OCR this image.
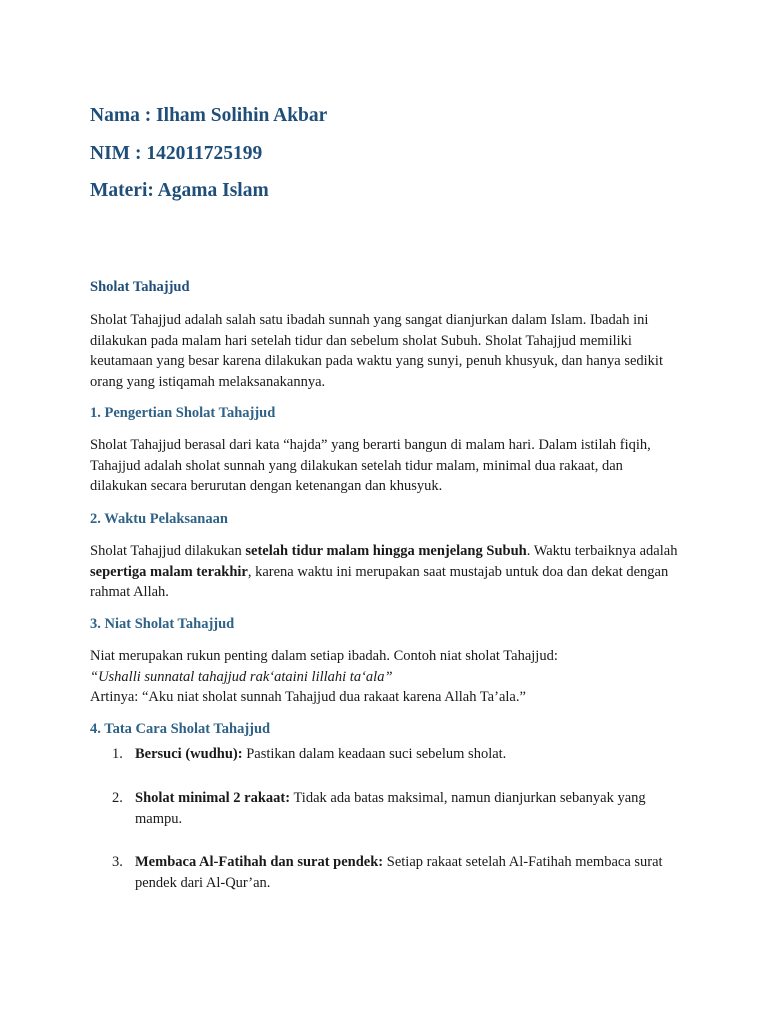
Nama : Ilham Solihin Akbar
NIM : 142011725199
Materi: Agama Islam
Sholat Tahajjud

Sholat Tahajjud adalah salah satu ibadah sunnah yang sangat dianjurkan dalam Islam. Ibadah ini dilakukan pada malam hari setelah tidur dan sebelum sholat Subuh. Sholat Tahajjud memiliki keutamaan yang besar karena dilakukan pada waktu yang sunyi, penuh khusyuk, dan hanya sedikit orang yang istiqamah melaksanakannya.

1. Pengertian Sholat Tahajjud

Sholat Tahajjud berasal dari kata “hajda” yang berarti bangun di malam hari. Dalam istilah fiqih, Tahajjud adalah sholat sunnah yang dilakukan setelah tidur malam, minimal dua rakaat, dan dilakukan secara berurutan dengan ketenangan dan khusyuk.

2. Waktu Pelaksanaan

Sholat Tahajjud dilakukan setelah tidur malam hingga menjelang Subuh. Waktu terbaiknya adalah sepertiga malam terakhir, karena waktu ini merupakan saat mustajab untuk doa dan dekat dengan rahmat Allah.

3. Niat Sholat Tahajjud

Niat merupakan rukun penting dalam setiap ibadah. Contoh niat sholat Tahajjud:
“Ushalli sunnatal tahajjud rak‘ataini lillahi ta‘ala”
Artinya: “Aku niat sholat sunnah Tahajjud dua rakaat karena Allah Ta’ala.”

4. Tata Cara Sholat Tahajjud

1. Bersuci (wudhu): Pastikan dalam keadaan suci sebelum sholat.

2. Sholat minimal 2 rakaat: Tidak ada batas maksimal, namun dianjurkan sebanyak yang mampu.

3. Membaca Al-Fatihah dan surat pendek: Setiap rakaat setelah Al-Fatihah membaca surat pendek dari Al-Qur’an.
